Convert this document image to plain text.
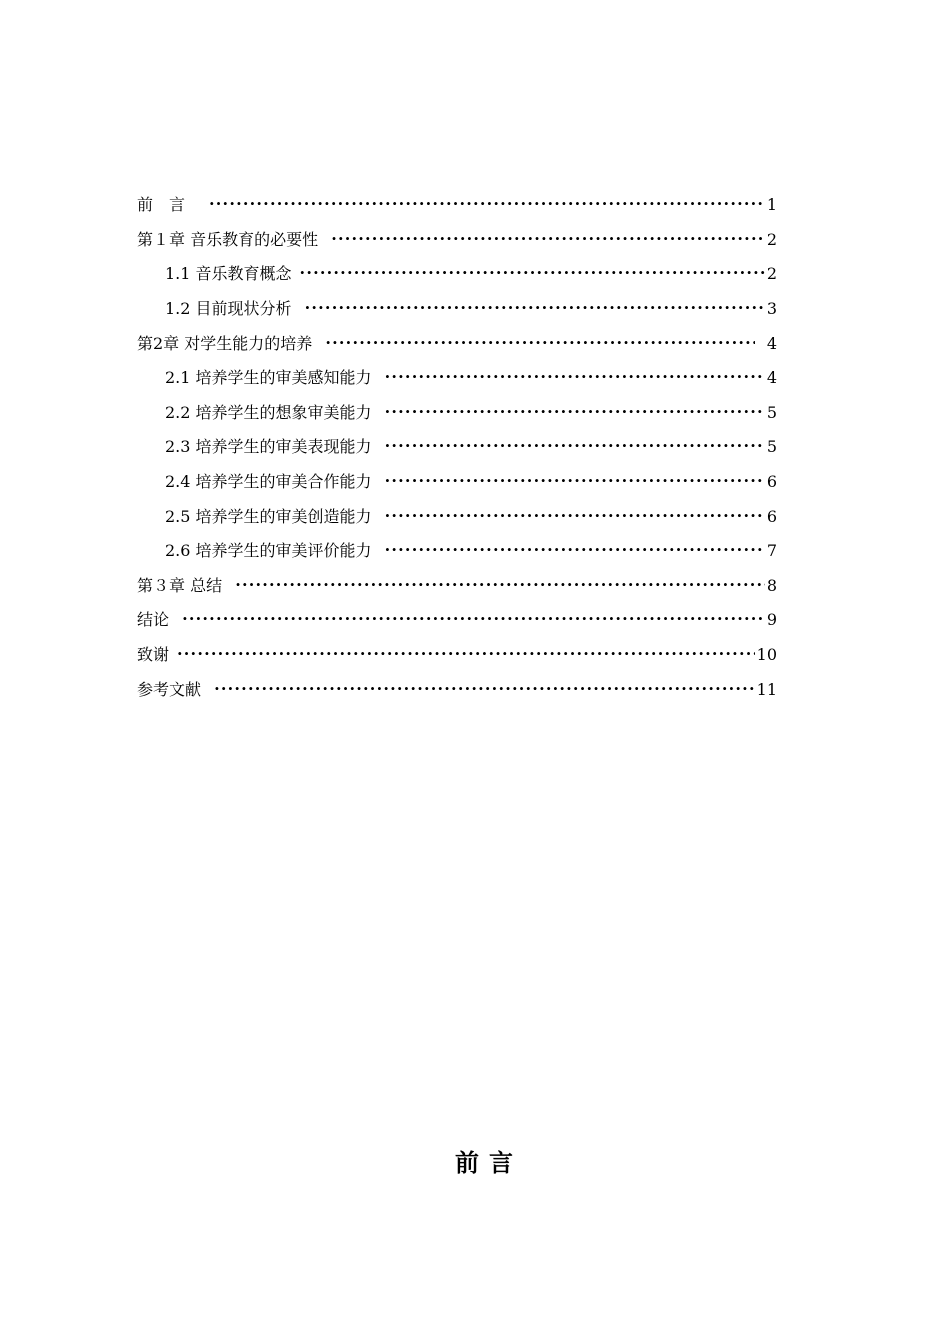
前　言　 ·····	1
第１章 音乐教育的必要性 ·····	2
1.1 音乐教育概念 ·····	2
1.2 目前现状分析 ·····	3
第2章 对学生能力的培养 ·····	4
2.1 培养学生的审美感知能力 ·····	4
2.2 培养学生的想象审美能力 ·····	5
2.3 培养学生的审美表现能力 ·····	5
2.4 培养学生的审美合作能力 ·····	6
2.5 培养学生的审美创造能力 ·····	6
2.6 培养学生的审美评价能力 ·····	7
第３章 总结 ·····	8
结论 ·····	9
致谢 ·····	10
参考文献 ·····	11
前言
